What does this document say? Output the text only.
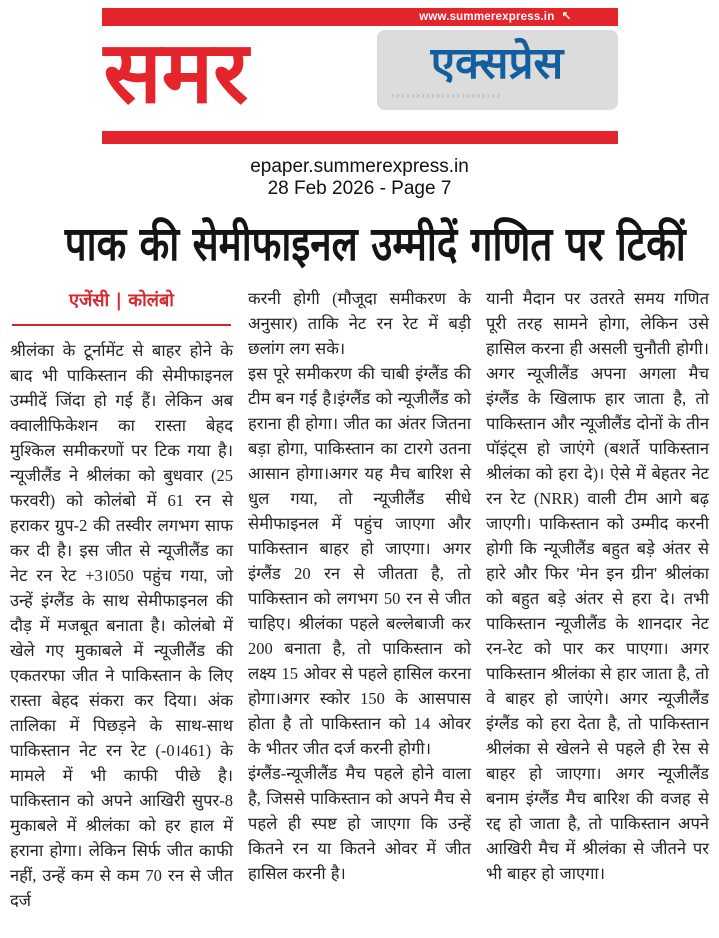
www.summerexpress.in ↖
समर	एक्सप्रेस
››››››››››››››››››››››
epaper.summerexpress.in
28 Feb 2026 - Page 7
पाक की सेमीफाइनल उम्मीदें गणित पर टिकीं
एजेंसी | कोलंबो

श्रीलंका के टूर्नामेंट से बाहर होने के बाद भी पाकिस्तान की सेमीफाइनल उम्मीदें जिंदा हो गई हैं। लेकिन अब क्वालीफिकेशन का रास्ता बेहद मुश्किल समीकरणों पर टिक गया है। न्यूजीलैंड ने श्रीलंका को बुधवार (25 फरवरी) को कोलंबो में 61 रन से हराकर ग्रुप-2 की तस्वीर लगभग साफ कर दी है। इस जीत से न्यूजीलैंड का नेट रन रेट +3।050 पहुंच गया, जो उन्हें इंग्लैंड के साथ सेमीफाइनल की दौड़ में मजबूत बनाता है। कोलंबो में खेले गए मुकाबले में न्यूजीलैंड की एकतरफा जीत ने पाकिस्तान के लिए रास्ता बेहद संकरा कर दिया। अंक तालिका में पिछड़ने के साथ-साथ पाकिस्तान नेट रन रेट (-0।461) के मामले में भी काफी पीछे है। पाकिस्तान को अपने आखिरी सुपर-8 मुकाबले में श्रीलंका को हर हाल में हराना होगा। लेकिन सिर्फ जीत काफी नहीं, उन्हें कम से कम 70 रन से जीत दर्ज

करनी होगी (मौजूदा समीकरण के अनुसार) ताकि नेट रन रेट में बड़ी छलांग लग सके।

इस पूरे समीकरण की चाबी इंग्लैंड की टीम बन गई है।इंग्लैंड को न्यूजीलैंड को हराना ही होगा। जीत का अंतर जितना बड़ा होगा, पाकिस्तान का टारगे उतना आसान होगा।अगर यह मैच बारिश से धुल गया, तो न्यूजीलैंड सीधे सेमीफाइनल में पहुंच जाएगा और पाकिस्तान बाहर हो जाएगा। अगर इंग्लैंड 20 रन से जीतता है, तो पाकिस्तान को लगभग 50 रन से जीत चाहिए। श्रीलंका पहले बल्लेबाजी कर 200 बनाता है, तो पाकिस्तान को लक्ष्य 15 ओवर से पहले हासिल करना होगा।अगर स्कोर 150 के आसपास होता है तो पाकिस्तान को 14 ओवर के भीतर जीत दर्ज करनी होगी।

इंग्लैंड-न्यूजीलैंड मैच पहले होने वाला है, जिससे पाकिस्तान को अपने मैच से पहले ही स्पष्ट हो जाएगा कि उन्हें कितने रन या कितने ओवर में जीत हासिल करनी है।

यानी मैदान पर उतरते समय गणित पूरी तरह सामने होगा, लेकिन उसे हासिल करना ही असली चुनौती होगी। अगर न्यूजीलैंड अपना अगला मैच इंग्लैंड के खिलाफ हार जाता है, तो पाकिस्तान और न्यूजीलैंड दोनों के तीन पॉइंट्स हो जाएंगे (बशर्ते पाकिस्तान श्रीलंका को हरा दे)। ऐसे में बेहतर नेट रन रेट (NRR) वाली टीम आगे बढ़ जाएगी। पाकिस्तान को उम्मीद करनी होगी कि न्यूजीलैंड बहुत बड़े अंतर से हारे और फिर 'मेन इन ग्रीन' श्रीलंका को बहुत बड़े अंतर से हरा दे। तभी पाकिस्तान न्यूजीलैंड के शानदार नेट रन-रेट को पार कर पाएगा। अगर पाकिस्तान श्रीलंका से हार जाता है, तो वे बाहर हो जाएंगे। अगर न्यूजीलैंड इंग्लैंड को हरा देता है, तो पाकिस्तान श्रीलंका से खेलने से पहले ही रेस से बाहर हो जाएगा। अगर न्यूजीलैंड बनाम इंग्लैंड मैच बारिश की वजह से रद्द हो जाता है, तो पाकिस्तान अपने आखिरी मैच में श्रीलंका से जीतने पर भी बाहर हो जाएगा।
